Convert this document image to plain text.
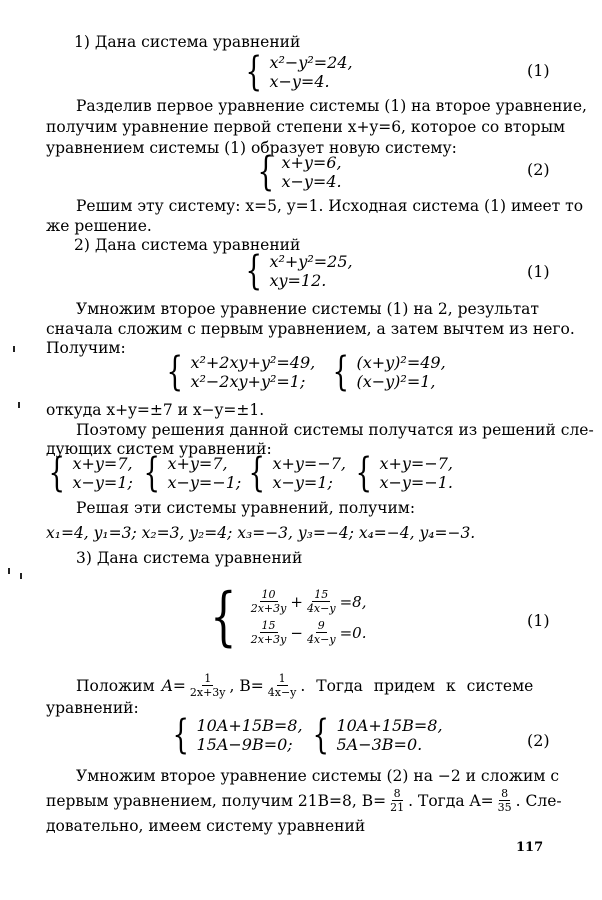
1) Дана система уравнений
{ x²−y²=24,
x−y=4.
(1)
Разделив первое уравнение системы (1) на второе уравнение,
получим уравнение первой степени x+y=6, которое со вторым
уравнением системы (1) образует новую систему:
{ x+y=6,
x−y=4.
(2)
Решим эту систему: x=5, y=1. Исходная система (1) имеет то
же решение.
2) Дана система уравнений
{ x²+y²=25,
xy=12.	(1)
Умножим второе уравнение системы (1) на 2, результат
сначала сложим с первым уравнением, а затем вычтем из него.
Получим:
{ x²+2xy+y²=49,
x²−2xy+y²=1; { (x+y)²=49,
(x−y)²=1,
откуда x+y=±7 и x−y=±1.
Поэтому решения данной системы получатся из решений сле-
дующих систем уравнений:
{ x+y=7,
x−y=1; { x+y=7,
x−y=−1; { x+y=−7,
x−y=1; { x+y=−7,
x−y=−1.
Решая эти системы уравнений, получим:
x₁=4, y₁=3; x₂=3, y₂=4; x₃=−3, y₃=−4; x₄=−4, y₄=−3.
3) Дана система уравнений
{ $\frac{10}{2x+3y} + \frac{15}{4x-y} =8$,
$\frac{15}{2x+3y} - \frac{9}{4x-y} =0$.
(1)
Положим $A= \frac{1}{2x+3y}$ , $B= \frac{1}{4x-y}$ . Тогда придем к системе
уравнений:
{ 10A+15B=8,
15A−9B=0; { 10A+15B=8,
5A−3B=0.	(2)
Умножим второе уравнение системы (2) на −2 и сложим с
первым уравнением, получим 21B=8, $B= \frac{8}{21}$ . Тогда $A= \frac{8}{35}$ . Сле-
довательно, имеем систему уравнений
117
